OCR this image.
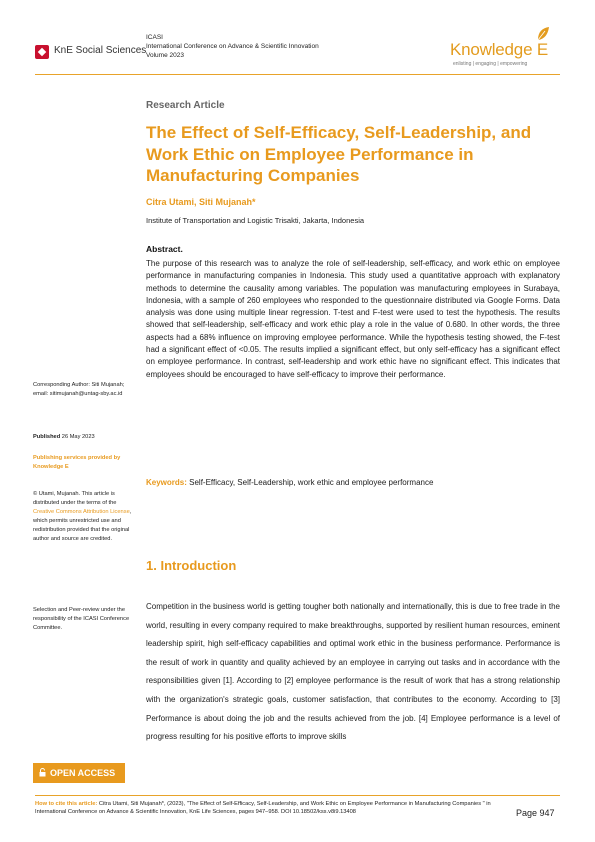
KnE Social Sciences
ICASI
International Conference on Advance & Scientific Innovation
Volume 2023	Knowledge E
enlisting | engaging | empowering
Research Article
The Effect of Self-Efficacy, Self-Leadership, and Work Ethic on Employee Performance in Manufacturing Companies
Citra Utami, Siti Mujanah*
Institute of Transportation and Logistic Trisakti, Jakarta, Indonesia
Abstract.

The purpose of this research was to analyze the role of self-leadership, self-efficacy, and work ethic on employee performance in manufacturing companies in Indonesia. This study used a quantitative approach with explanatory methods to determine the causality among variables. The population was manufacturing employees in Surabaya, Indonesia, with a sample of 260 employees who responded to the questionnaire distributed via Google Forms. Data analysis was done using multiple linear regression. T-test and F-test were used to test the hypothesis. The results showed that self-leadership, self-efficacy and work ethic play a role in the value of 0.680. In other words, the three aspects had a 68% influence on improving employee performance. While the hypothesis testing showed, the F-test had a significant effect of <0.05. The results implied a significant effect, but only self-efficacy has a significant effect on employee performance. In contrast, self-leadership and work ethic have no significant effect. This indicates that employees should be encouraged to have self-efficacy to improve their performance.

Keywords: Self-Efficacy, Self-Leadership, work ethic and employee performance
1. Introduction

Competition in the business world is getting tougher both nationally and internationally, this is due to free trade in the world, resulting in every company required to make breakthroughs, supported by resilient human resources, eminent leadership spirit, high self-efficacy capabilities and optimal work ethic in the business performance. Performance is the result of work in quantity and quality achieved by an employee in carrying out tasks and in accordance with the responsibilities given [1]. According to [2] employee performance is the result of work that has a strong relationship with the organization's strategic goals, customer satisfaction, that contributes to the economy. According to [3] Performance is about doing the job and the results achieved from the job. [4] Employee performance is a level of progress resulting for his positive efforts to improve skills

Corresponding Author: Siti Mujanah; email: sitimujanah@untag-sby.ac.id
Published 26 May 2023
Publishing services provided by Knowledge E
© Utami, Mujanah. This article is distributed under the terms of the Creative Commons Attribution License, which permits unrestricted use and redistribution provided that the original author and source are credited.
Selection and Peer-review under the responsibility of the ICASI Conference Committee.
OPEN ACCESS
How to cite this article: Citra Utami, Siti Mujanah*, (2023), "The Effect of Self-Efficacy, Self-Leadership, and Work Ethic on Employee Performance in Manufacturing Companies " in International Conference on Advance & Scientific Innovation, KnE Life Sciences, pages 947–958. DOI 10.18502/kss.v8i9.13408	Page 947
